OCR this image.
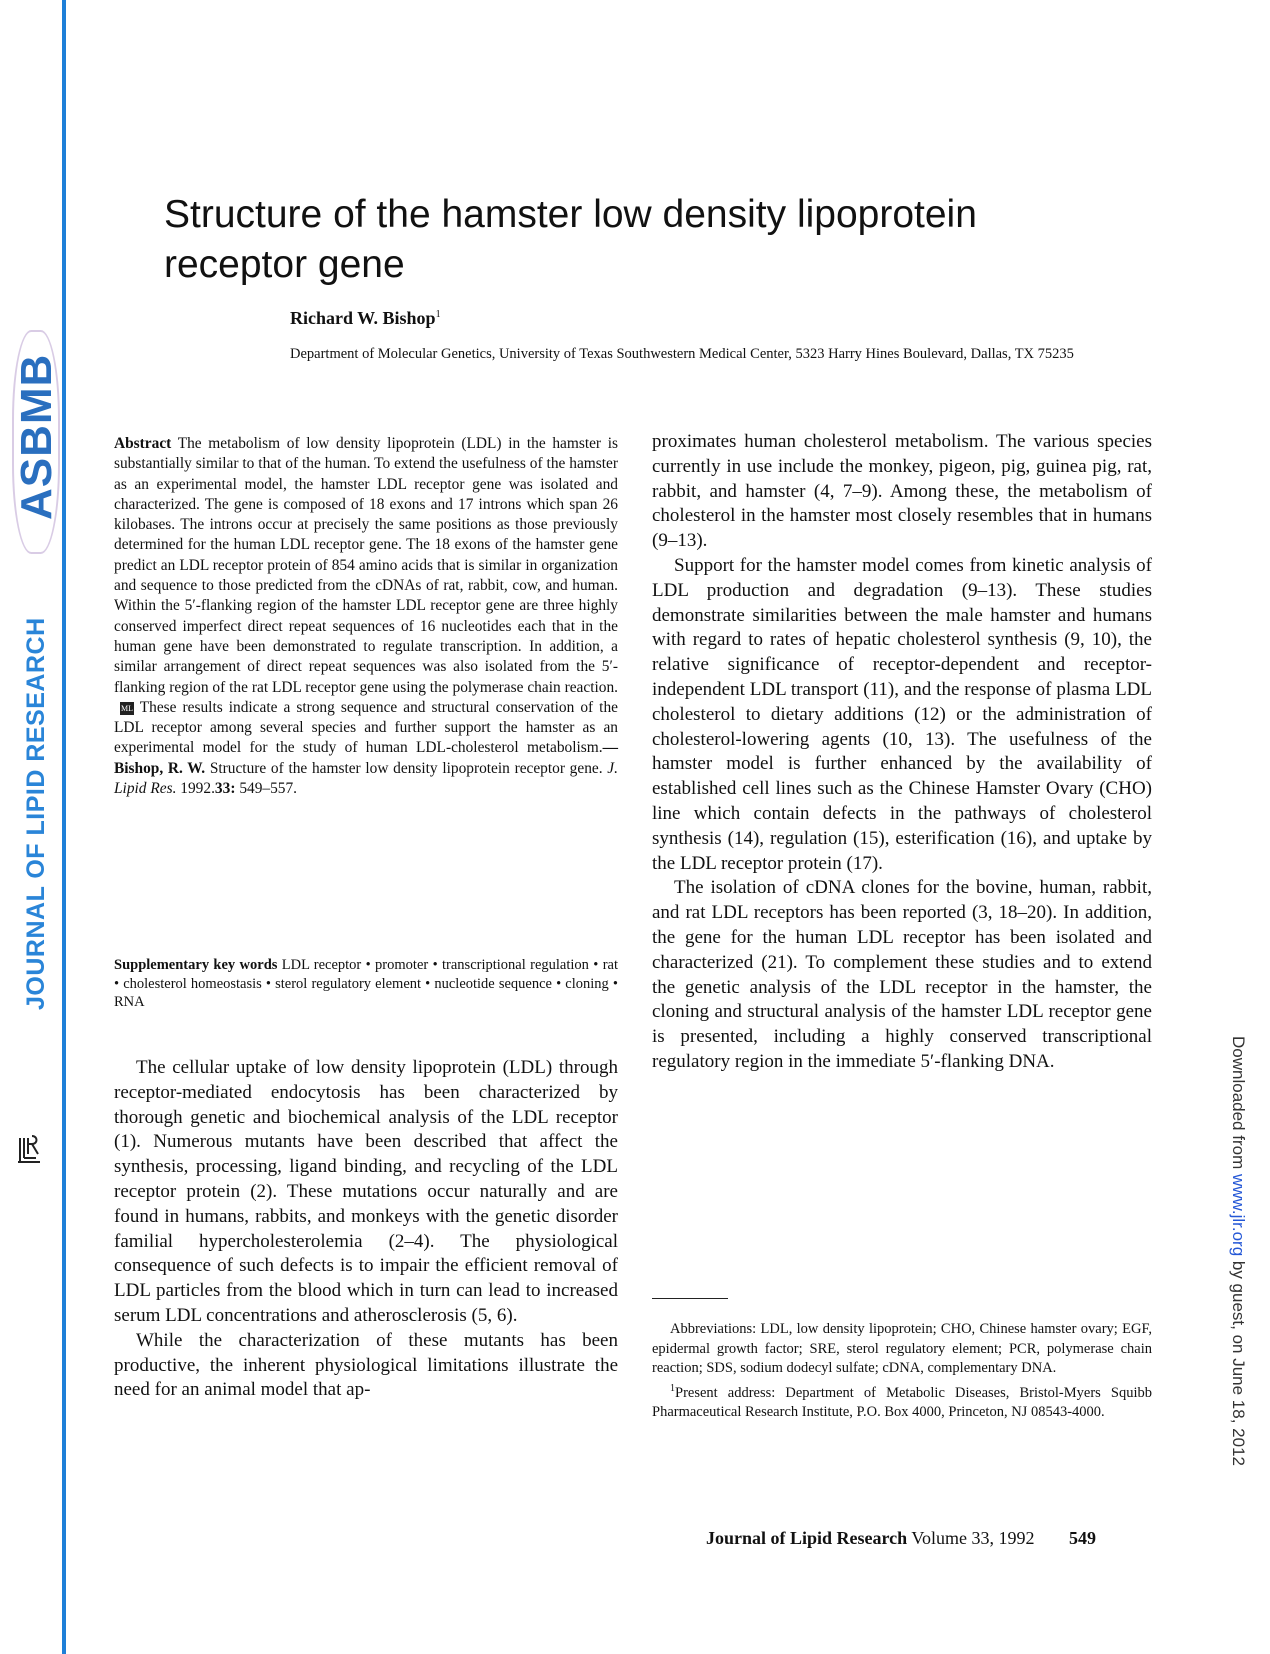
ASBMB
JOURNAL OF LIPID RESEARCH
Downloaded from www.jlr.org by guest, on June 18, 2012
Structure of the hamster low density lipoprotein receptor gene
Richard W. Bishop$^1$
Department of Molecular Genetics, University of Texas Southwestern Medical Center, 5323 Harry Hines Boulevard, Dallas, TX 75235
Abstract The metabolism of low density lipoprotein (LDL) in the hamster is substantially similar to that of the human. To extend the usefulness of the hamster as an experimental model, the hamster LDL receptor gene was isolated and characterized. The gene is composed of 18 exons and 17 introns which span 26 kilobases. The introns occur at precisely the same positions as those previously determined for the human LDL receptor gene. The 18 exons of the hamster gene predict an LDL receptor protein of 854 amino acids that is similar in organization and sequence to those predicted from the cDNAs of rat, rabbit, cow, and human. Within the 5′-flanking region of the hamster LDL receptor gene are three highly conserved imperfect direct repeat sequences of 16 nucleotides each that in the human gene have been demonstrated to regulate transcription. In addition, a similar arrangement of direct repeat sequences was also isolated from the 5′-flanking region of the rat LDL receptor gene using the polymerase chain reaction. ML These results indicate a strong sequence and structural conservation of the LDL receptor among several species and further support the hamster as an experimental model for the study of human LDL-cholesterol metabolism.—Bishop, R. W. Structure of the hamster low density lipoprotein receptor gene. J. Lipid Res. 1992.33: 549–557.
Supplementary key words LDL receptor • promoter • transcriptional regulation • rat • cholesterol homeostasis • sterol regulatory element • nucleotide sequence • cloning • RNA

The cellular uptake of low density lipoprotein (LDL) through receptor-mediated endocytosis has been characterized by thorough genetic and biochemical analysis of the LDL receptor (1). Numerous mutants have been described that affect the synthesis, processing, ligand binding, and recycling of the LDL receptor protein (2). These mutations occur naturally and are found in humans, rabbits, and monkeys with the genetic disorder familial hypercholesterolemia (2–4). The physiological consequence of such defects is to impair the efficient removal of LDL particles from the blood which in turn can lead to increased serum LDL concentrations and atherosclerosis (5, 6).

While the characterization of these mutants has been productive, the inherent physiological limitations illustrate the need for an animal model that ap-

proximates human cholesterol metabolism. The various species currently in use include the monkey, pigeon, pig, guinea pig, rat, rabbit, and hamster (4, 7–9). Among these, the metabolism of cholesterol in the hamster most closely resembles that in humans (9–13).

Support for the hamster model comes from kinetic analysis of LDL production and degradation (9–13). These studies demonstrate similarities between the male hamster and humans with regard to rates of hepatic cholesterol synthesis (9, 10), the relative significance of receptor-dependent and receptor-independent LDL transport (11), and the response of plasma LDL cholesterol to dietary additions (12) or the administration of cholesterol-lowering agents (10, 13). The usefulness of the hamster model is further enhanced by the availability of established cell lines such as the Chinese Hamster Ovary (CHO) line which contain defects in the pathways of cholesterol synthesis (14), regulation (15), esterification (16), and uptake by the LDL receptor protein (17).

The isolation of cDNA clones for the bovine, human, rabbit, and rat LDL receptors has been reported (3, 18–20). In addition, the gene for the human LDL receptor has been isolated and characterized (21). To complement these studies and to extend the genetic analysis of the LDL receptor in the hamster, the cloning and structural analysis of the hamster LDL receptor gene is presented, including a highly conserved transcriptional regulatory region in the immediate 5′-flanking DNA.

Abbreviations: LDL, low density lipoprotein; CHO, Chinese hamster ovary; EGF, epidermal growth factor; SRE, sterol regulatory element; PCR, polymerase chain reaction; SDS, sodium dodecyl sulfate; cDNA, complementary DNA.

$^1$Present address: Department of Metabolic Diseases, Bristol-Myers Squibb Pharmaceutical Research Institute, P.O. Box 4000, Princeton, NJ 08543-4000.

Journal of Lipid Research Volume 33, 1992 549
